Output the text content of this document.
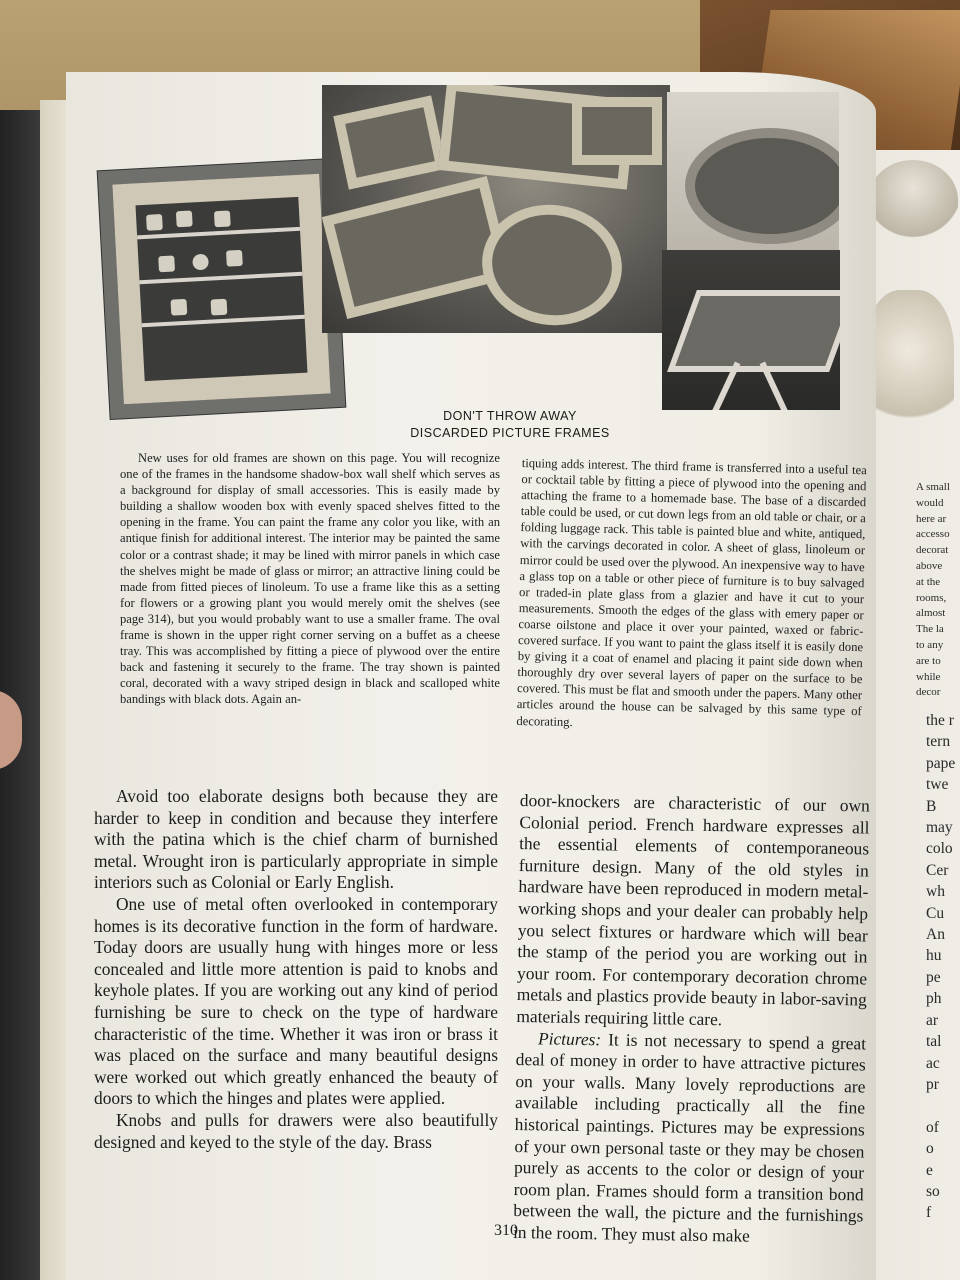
A small
would
here ar
accesso
decorat
above
at the
rooms,
almost
The la
to any
are to
while
decor
the r
tern
pape
twe
B
may
colo
Cer
wh
Cu
An
hu
pe
ph
ar
tal
ac
pr

of
o
e
so
f
DON'T THROW AWAY
DISCARDED PICTURE FRAMES

New uses for old frames are shown on this page. You will recognize one of the frames in the handsome shadow-box wall shelf which serves as a background for display of small accessories. This is easily made by building a shallow wooden box with evenly spaced shelves fitted to the opening in the frame. You can paint the frame any color you like, with an antique finish for additional interest. The interior may be painted the same color or a contrast shade; it may be lined with mirror panels in which case the shelves might be made of glass or mirror; an attractive lining could be made from fitted pieces of linoleum. To use a frame like this as a setting for flowers or a growing plant you would merely omit the shelves (see page 314), but you would probably want to use a smaller frame. The oval frame is shown in the upper right corner serving on a buffet as a cheese tray. This was accomplished by fitting a piece of plywood over the entire back and fastening it securely to the frame. The tray shown is painted coral, decorated with a wavy striped design in black and scalloped white bandings with black dots. Again an-

tiquing adds interest. The third frame is transferred into a useful tea or cocktail table by fitting a piece of plywood into the opening and attaching the frame to a homemade base. The base of a discarded table could be used, or cut down legs from an old table or chair, or a folding luggage rack. This table is painted blue and white, antiqued, with the carvings decorated in color. A sheet of glass, linoleum or mirror could be used over the plywood. An inexpensive way to have a glass top on a table or other piece of furniture is to buy salvaged or traded-in plate glass from a glazier and have it cut to your measurements. Smooth the edges of the glass with emery paper or coarse oilstone and place it over your painted, waxed or fabric-covered surface. If you want to paint the glass itself it is easily done by giving it a coat of enamel and placing it paint side down when thoroughly dry over several layers of paper on the surface to be covered. This must be flat and smooth under the papers. Many other articles around the house can be salvaged by this same type of decorating.

Avoid too elaborate designs both because they are harder to keep in condition and because they interfere with the patina which is the chief charm of burnished metal. Wrought iron is particularly appropriate in simple interiors such as Colonial or Early English.

One use of metal often overlooked in contemporary homes is its decorative function in the form of hardware. Today doors are usually hung with hinges more or less concealed and little more attention is paid to knobs and keyhole plates. If you are working out any kind of period furnishing be sure to check on the type of hardware characteristic of the time. Whether it was iron or brass it was placed on the surface and many beautiful designs were worked out which greatly enhanced the beauty of doors to which the hinges and plates were applied.

Knobs and pulls for drawers were also beautifully designed and keyed to the style of the day. Brass

door-knockers are characteristic of our own Colonial period. French hardware expresses all the essential elements of contemporaneous furniture design. Many of the old styles in hardware have been reproduced in modern metal-working shops and your dealer can probably help you select fixtures or hardware which will bear the stamp of the period you are working out in your room. For contemporary decoration chrome metals and plastics provide beauty in labor-saving materials requiring little care.

Pictures: It is not necessary to spend a great deal of money in order to have attractive pictures on your walls. Many lovely reproductions are available including practically all the fine historical paintings. Pictures may be expressions of your own personal taste or they may be chosen purely as accents to the color or design of your room plan. Frames should form a transition bond between the wall, the picture and the furnishings in the room. They must also make

310
